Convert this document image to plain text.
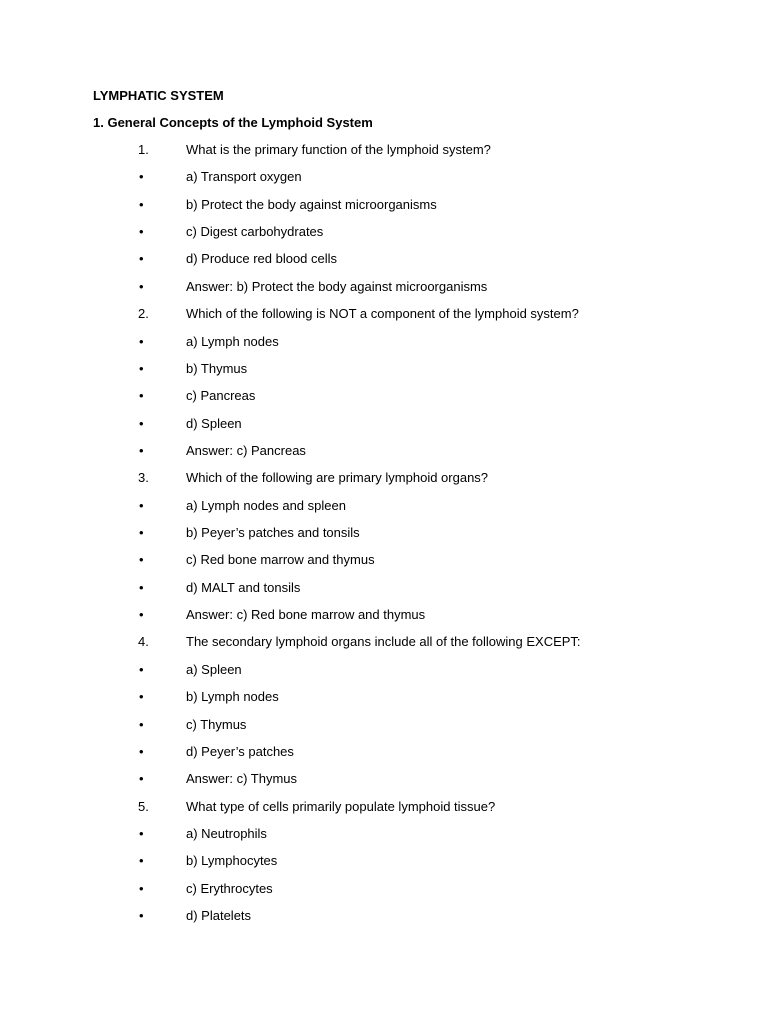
LYMPHATIC SYSTEM
1. General Concepts of the Lymphoid System
1.	What is the primary function of the lymphoid system?
•	a) Transport oxygen
•	b) Protect the body against microorganisms
•	c) Digest carbohydrates
•	d) Produce red blood cells
•	Answer: b) Protect the body against microorganisms
2.	Which of the following is NOT a component of the lymphoid system?
•	a) Lymph nodes
•	b) Thymus
•	c) Pancreas
•	d) Spleen
•	Answer: c) Pancreas
3.	Which of the following are primary lymphoid organs?
•	a) Lymph nodes and spleen
•	b) Peyer’s patches and tonsils
•	c) Red bone marrow and thymus
•	d) MALT and tonsils
•	Answer: c) Red bone marrow and thymus
4.	The secondary lymphoid organs include all of the following EXCEPT:
•	a) Spleen
•	b) Lymph nodes
•	c) Thymus
•	d) Peyer’s patches
•	Answer: c) Thymus
5.	What type of cells primarily populate lymphoid tissue?
•	a) Neutrophils
•	b) Lymphocytes
•	c) Erythrocytes
•	d) Platelets
